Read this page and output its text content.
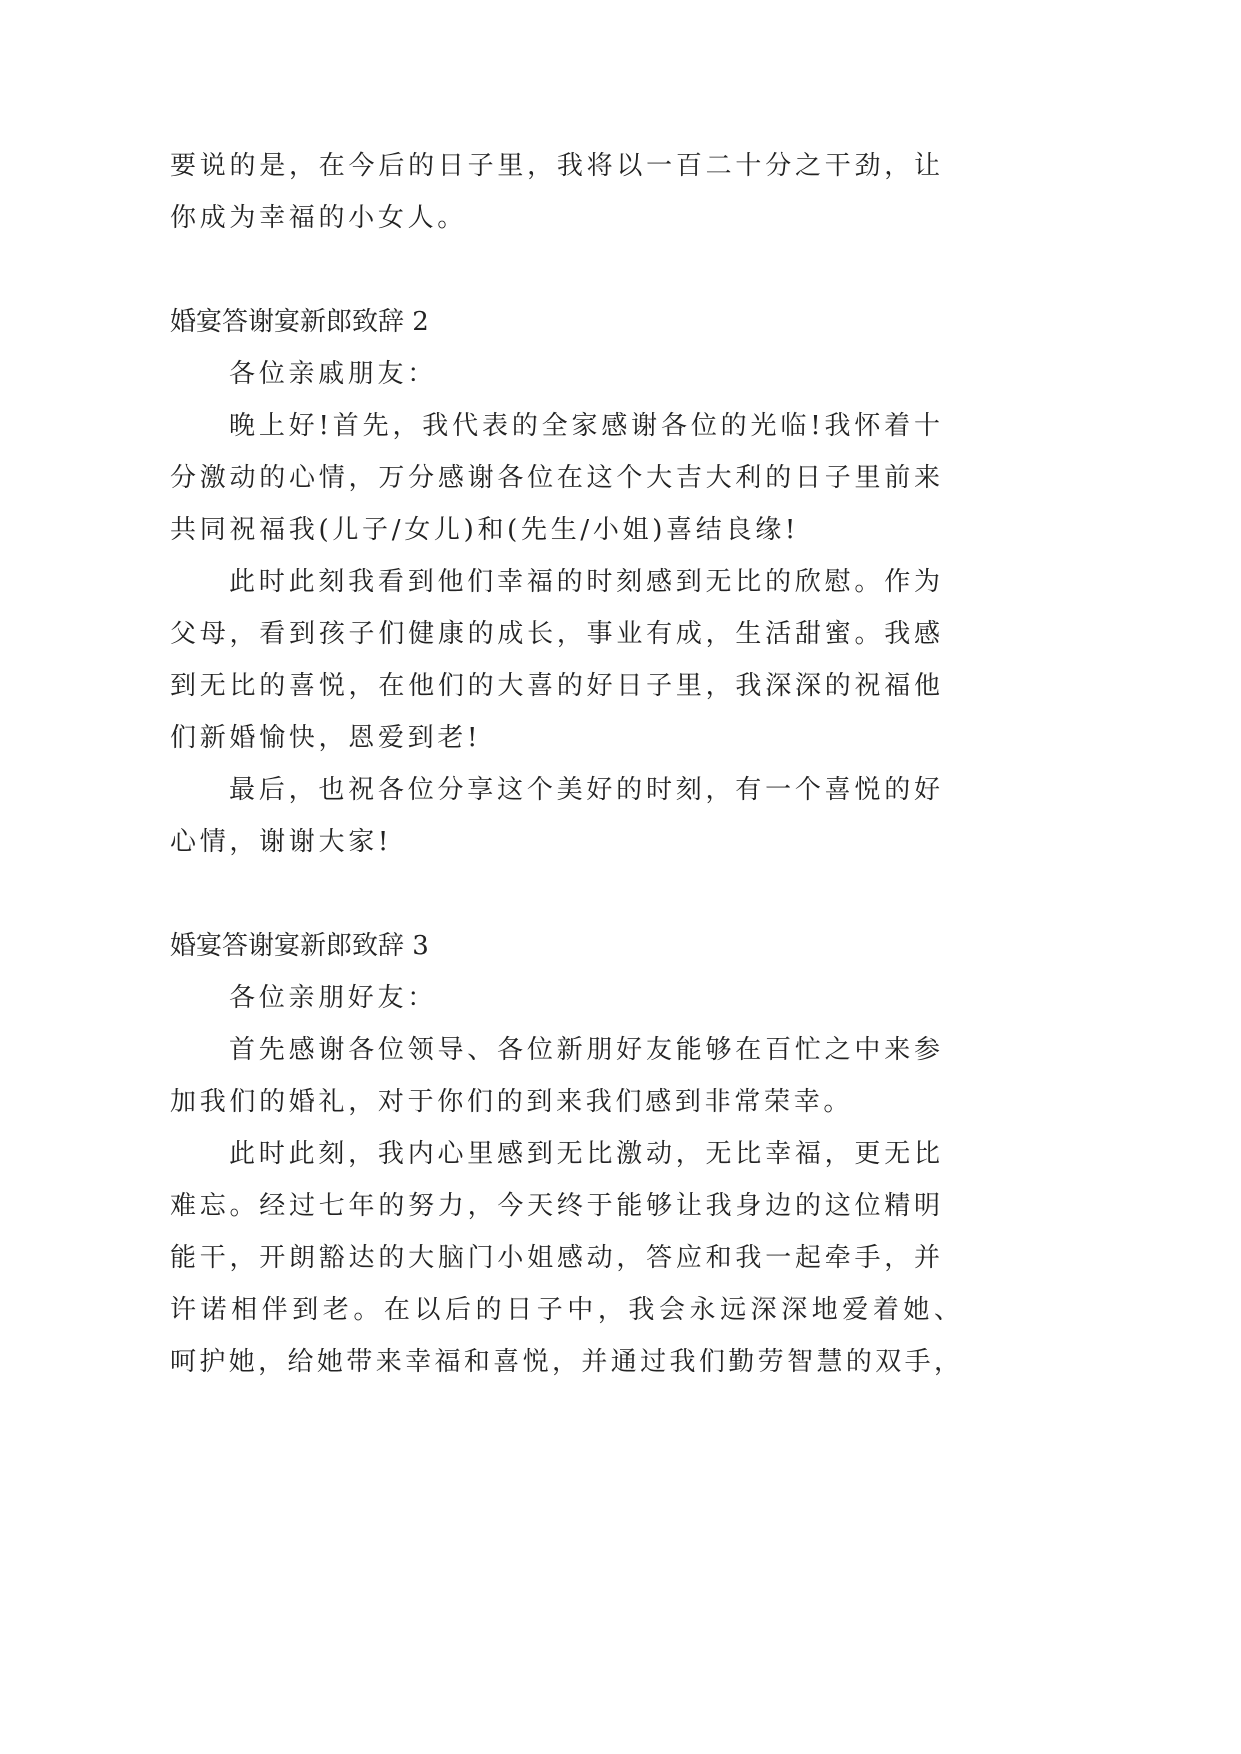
要说的是，在今后的日子里，我将以一百二十分之干劲，让
你成为幸福的小女人。
婚宴答谢宴新郎致辞 2
各位亲戚朋友：
晚上好!首先，我代表的全家感谢各位的光临!我怀着十
分激动的心情，万分感谢各位在这个大吉大利的日子里前来
共同祝福我(儿子/女儿)和(先生/小姐)喜结良缘!
此时此刻我看到他们幸福的时刻感到无比的欣慰。作为
父母，看到孩子们健康的成长，事业有成，生活甜蜜。我感
到无比的喜悦，在他们的大喜的好日子里，我深深的祝福他
们新婚愉快，恩爱到老!
最后，也祝各位分享这个美好的时刻，有一个喜悦的好
心情，谢谢大家!
婚宴答谢宴新郎致辞 3
各位亲朋好友：
首先感谢各位领导、各位新朋好友能够在百忙之中来参
加我们的婚礼，对于你们的到来我们感到非常荣幸。
此时此刻，我内心里感到无比激动，无比幸福，更无比
难忘。经过七年的努力，今天终于能够让我身边的这位精明
能干，开朗豁达的大脑门小姐感动，答应和我一起牵手，并
许诺相伴到老。在以后的日子中，我会永远深深地爱着她、
呵护她，给她带来幸福和喜悦，并通过我们勤劳智慧的双手，
